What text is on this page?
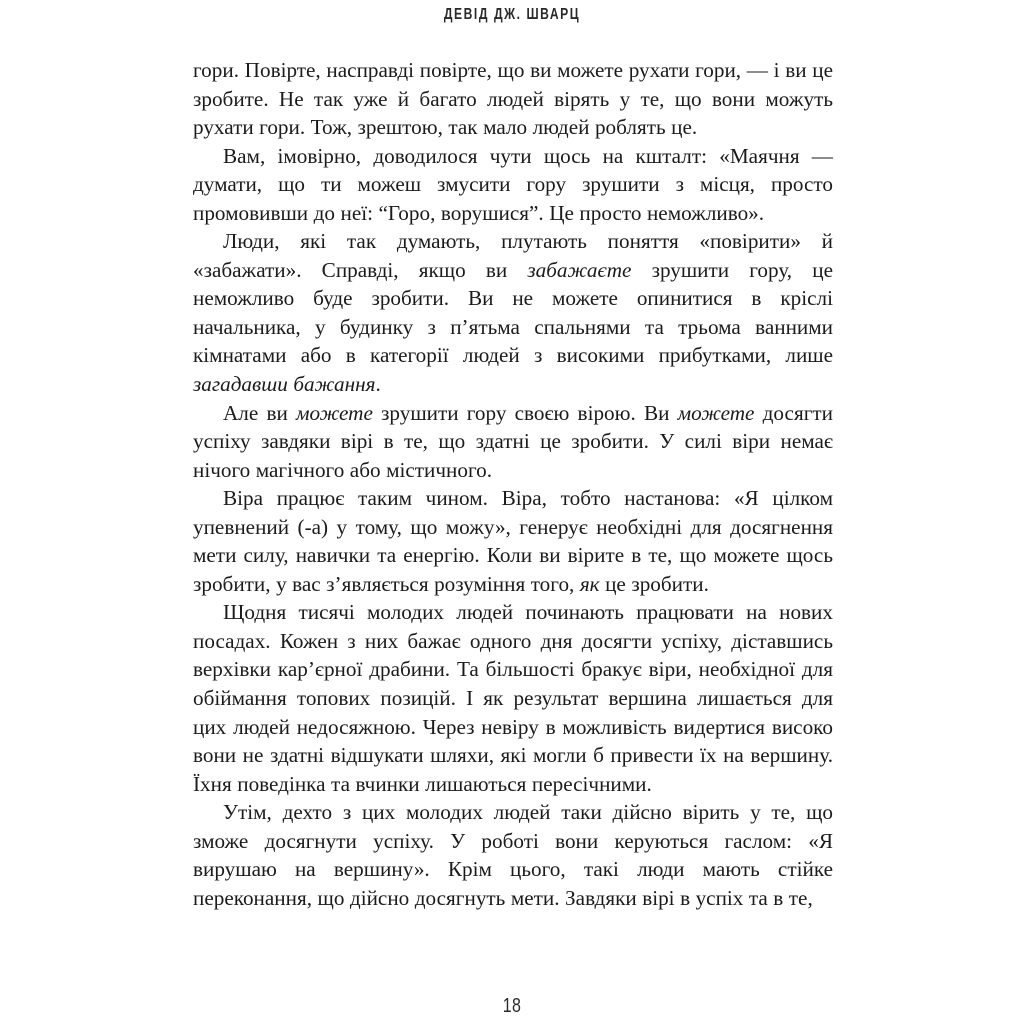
ДЕВІД ДЖ. ШВАРЦ

гори. Повірте, насправді повірте, що ви можете рухати гори, — і ви це зробите. Не так уже й багато людей вірять у те, що вони можуть рухати гори. Тож, зрештою, так мало людей роблять це.

Вам, імовірно, доводилося чути щось на кшталт: «Маячня — думати, що ти можеш змусити гору зрушити з місця, просто промовивши до неї: “Горо, ворушися”. Це просто неможливо».

Люди, які так думають, плутають поняття «повірити» й «забажати». Справді, якщо ви забажаєте зрушити гору, це неможливо буде зробити. Ви не можете опинитися в кріслі начальника, у будинку з п’ятьма спальнями та трьома ванними кімнатами або в категорії людей з високими прибутками, лише загадавши бажання.

Але ви можете зрушити гору своєю вірою. Ви можете досягти успіху завдяки вірі в те, що здатні це зробити. У силі віри немає нічого магічного або містичного.

Віра працює таким чином. Віра, тобто настанова: «Я цілком упевнений (-а) у тому, що можу», генерує необхідні для досягнення мети силу, навички та енергію. Коли ви вірите в те, що можете щось зробити, у вас з’являється розуміння того, як це зробити.

Щодня тисячі молодих людей починають працювати на нових посадах. Кожен з них бажає одного дня досягти успіху, діставшись верхівки кар’єрної драбини. Та більшості бракує віри, необхідної для обіймання топових позицій. І як результат вершина лишається для цих людей недосяжною. Через невіру в можливість видертися високо вони не здатні відшукати шляхи, які могли б привести їх на вершину. Їхня поведінка та вчинки лишаються пересічними.

Утім, дехто з цих молодих людей таки дійсно вірить у те, що зможе досягнути успіху. У роботі вони керуються гаслом: «Я вирушаю на вершину». Крім цього, такі люди мають стійке переконання, що дійсно досягнуть мети. Завдяки вірі в успіх та в те,

18
